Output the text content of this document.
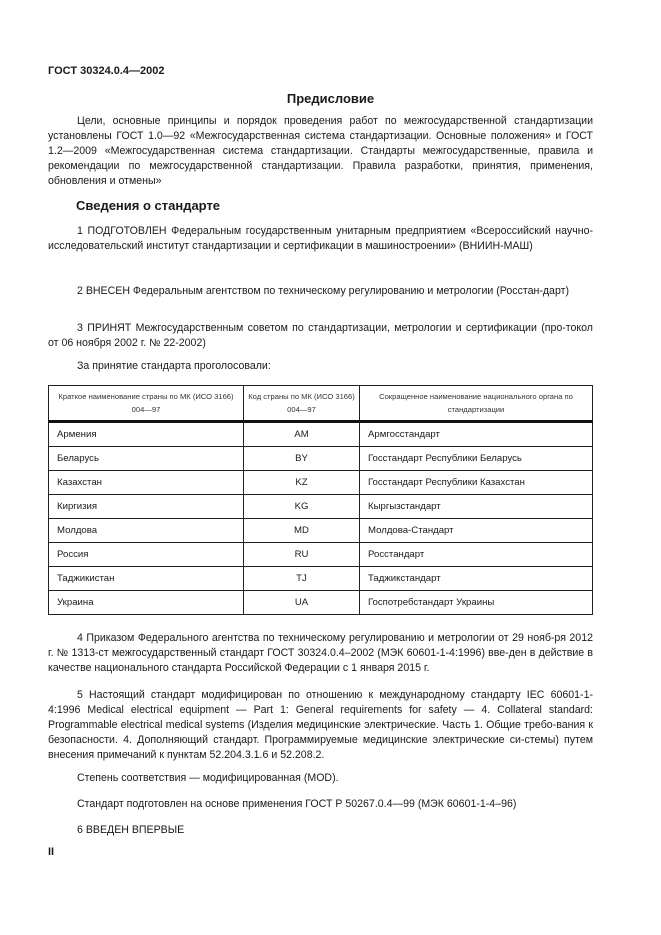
ГОСТ 30324.0.4—2002
Предисловие
Цели, основные принципы и порядок проведения работ по межгосударственной стандартизации установлены ГОСТ 1.0—92 «Межгосударственная система стандартизации. Основные положения» и ГОСТ 1.2—2009 «Межгосударственная система стандартизации. Стандарты межгосударственные, правила и рекомендации по межгосударственной стандартизации. Правила разработки, принятия, применения, обновления и отмены»
Сведения о стандарте
1 ПОДГОТОВЛЕН Федеральным государственным унитарным предприятием «Всероссийский научно-исследовательский институт стандартизации и сертификации в машиностроении» (ВНИИН-МАШ)
2 ВНЕСЕН Федеральным агентством по техническому регулированию и метрологии (Росстан-дарт)
3 ПРИНЯТ Межгосударственным советом по стандартизации, метрологии и сертификации (про-токол от 06 ноября 2002 г. № 22-2002)
За принятие стандарта проголосовали:
Краткое наименование страны по МК (ИСО 3166) 004—97	Код страны по МК (ИСО 3166) 004—97	Сокращенное наименование национального органа по стандартизации
Армения	AM	Армгосстандарт
Беларусь	BY	Госстандарт Республики Беларусь
Казахстан	KZ	Госстандарт Республики Казахстан
Киргизия	KG	Кыргызстандарт
Молдова	MD	Молдова-Стандарт
Россия	RU	Росстандарт
Таджикистан	TJ	Таджикстандарт
Украина	UA	Госпотребстандарт Украины
4 Приказом Федерального агентства по техническому регулированию и метрологии от 29 нояб-ря 2012 г. № 1313-ст межгосударственный стандарт ГОСТ 30324.0.4–2002 (МЭК 60601-1-4:1996) вве-ден в действие в качестве национального стандарта Российской Федерации с 1 января 2015 г.
5 Настоящий стандарт модифицирован по отношению к международному стандарту IEC 60601-1-4:1996 Medical electrical equipment — Part 1: General requirements for safety — 4. Collateral standard: Programmable electrical medical systems (Изделия медицинские электрические. Часть 1. Общие требо-вания к безопасности. 4. Дополняющий стандарт. Программируемые медицинские электрические си-стемы) путем внесения примечаний к пунктам 52.204.3.1.6 и 52.208.2.
Степень соответствия — модифицированная (MOD).
Стандарт подготовлен на основе применения ГОСТ Р 50267.0.4—99 (МЭК 60601-1-4–96)
6 ВВЕДЕН ВПЕРВЫЕ
II
